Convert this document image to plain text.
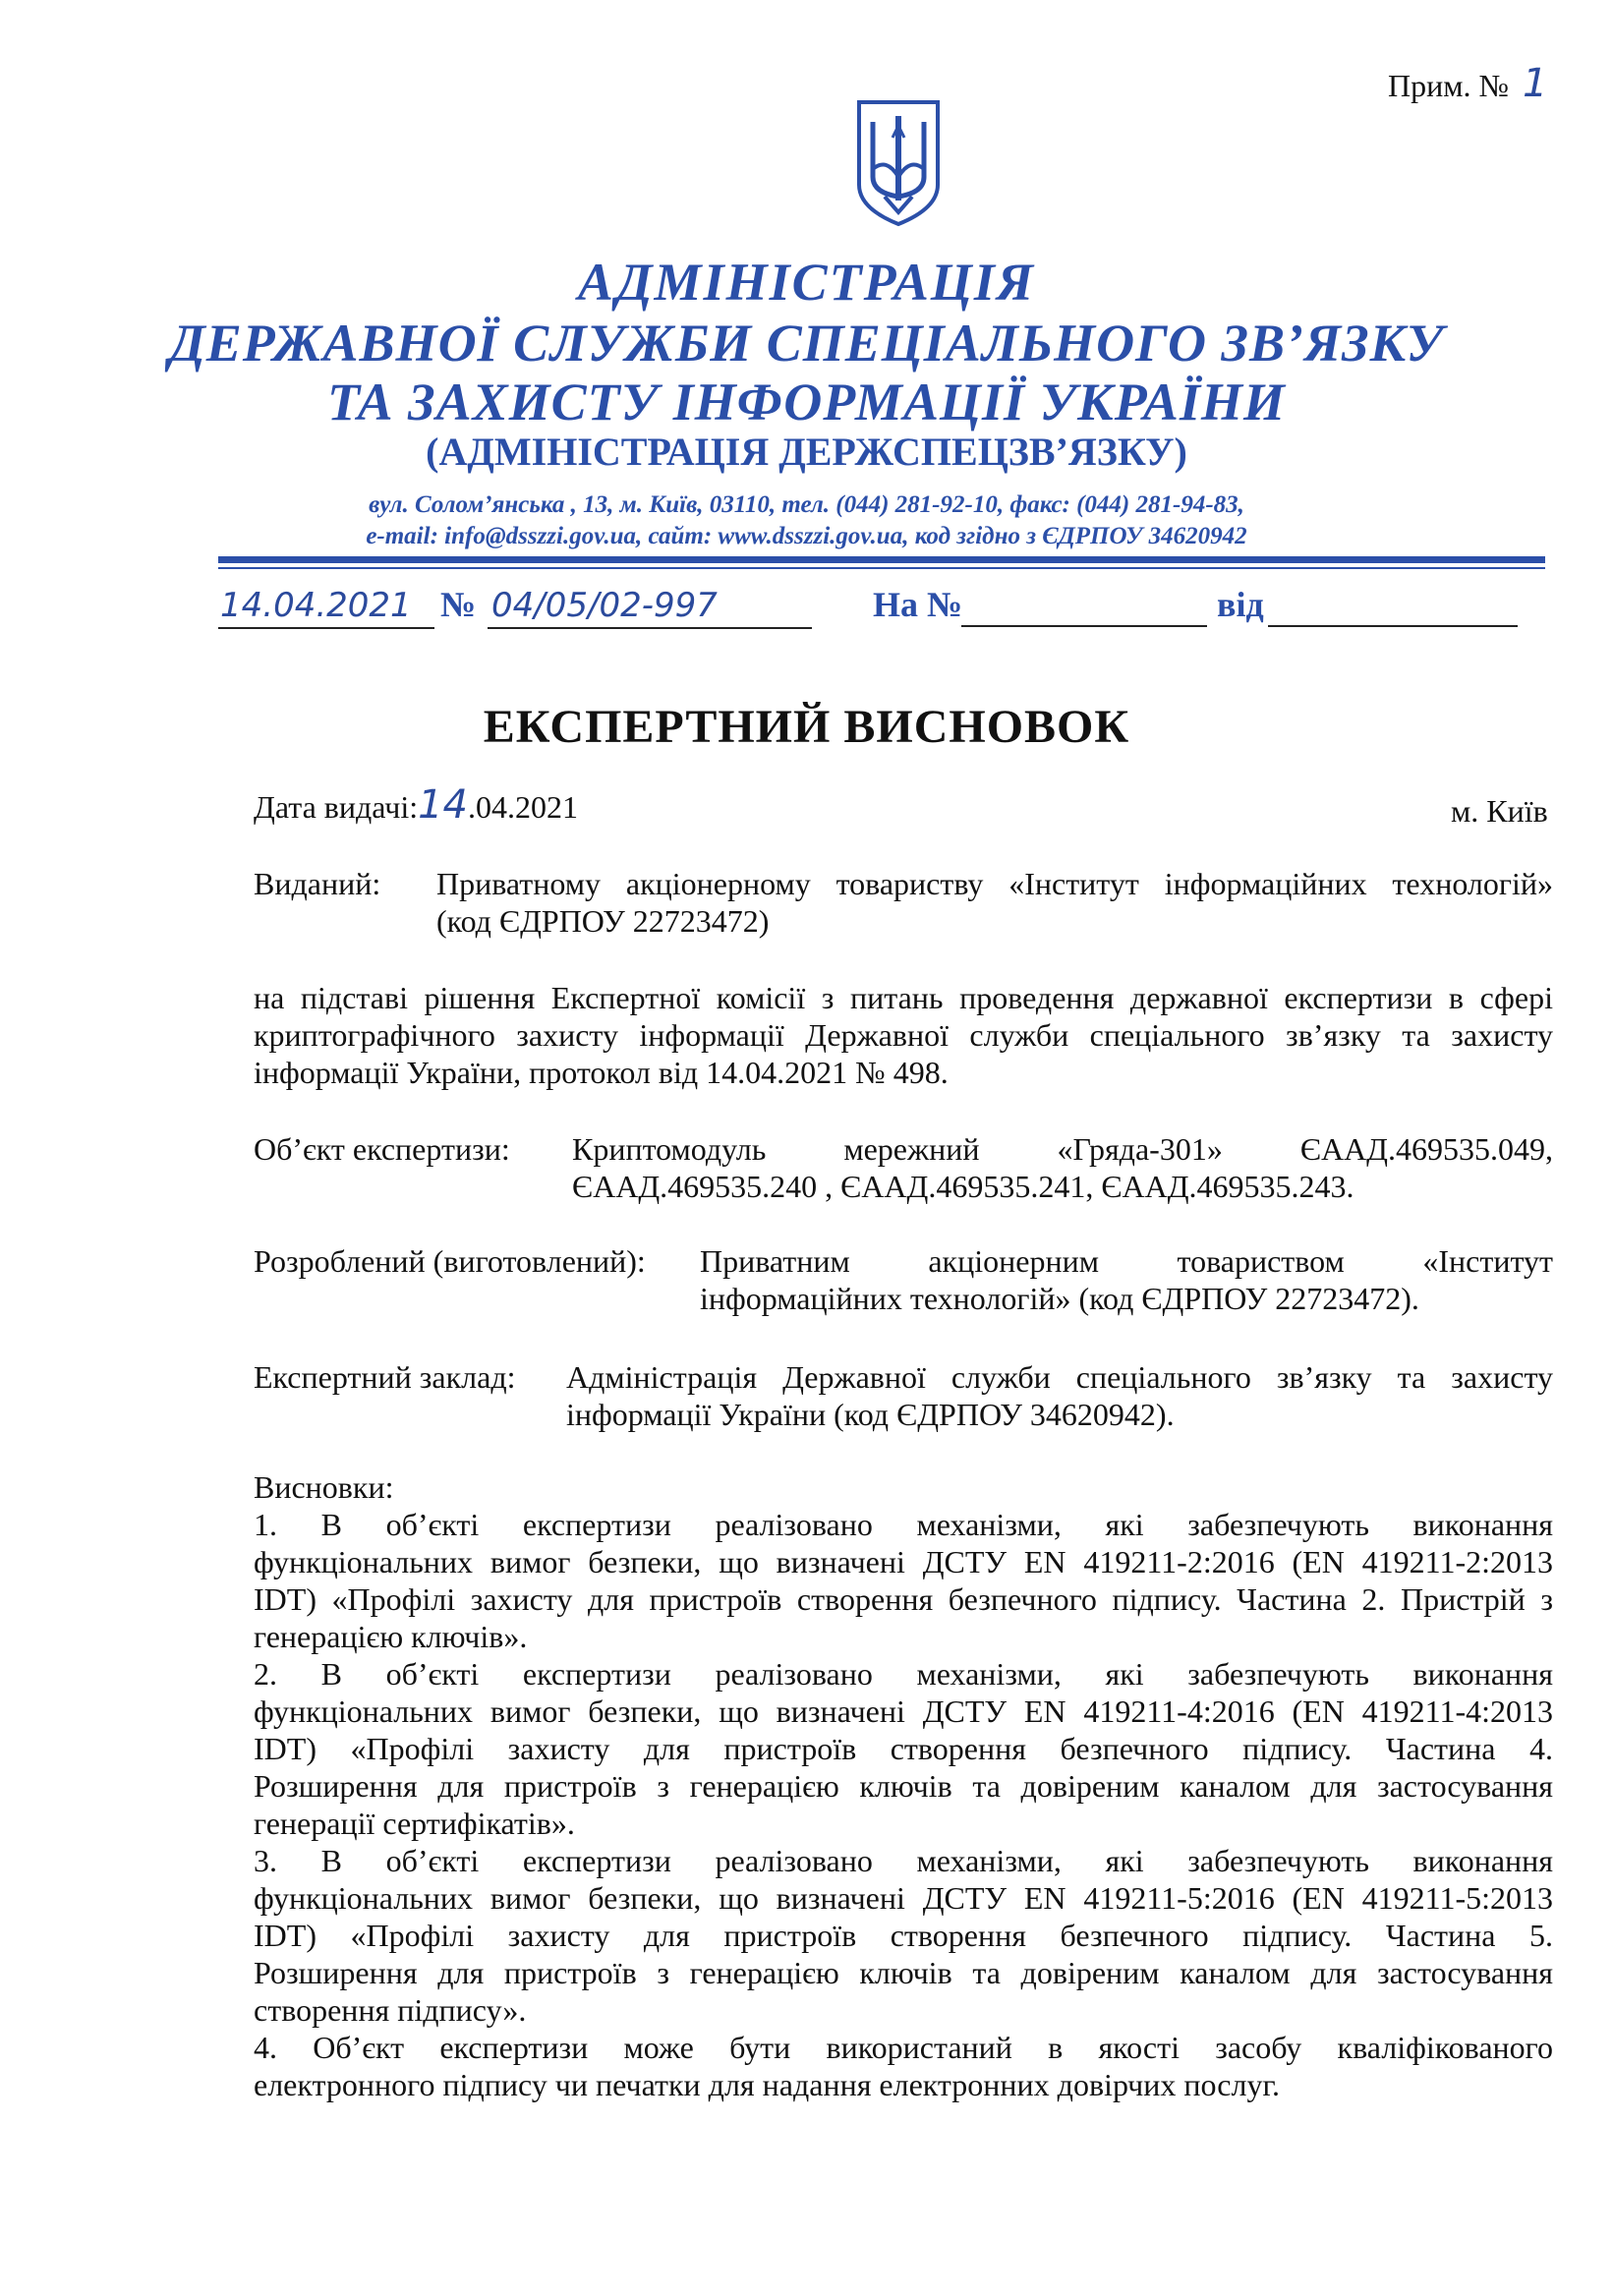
Прим. № 1
АДМІНІСТРАЦІЯ
ДЕРЖАВНОЇ СЛУЖБИ СПЕЦІАЛЬНОГО ЗВ’ЯЗКУ
ТА ЗАХИСТУ ІНФОРМАЦІЇ УКРАЇНИ
(АДМІНІСТРАЦІЯ ДЕРЖСПЕЦЗВ’ЯЗКУ)
вул. Солом’янська , 13, м. Київ, 03110, тел. (044) 281-92-10, факс: (044) 281-94-83,
e-mail: info@dsszzi.gov.ua, сайт: www.dsszzi.gov.ua, код згідно з ЄДРПОУ 34620942
14.04.2021 № 04/05/02-997	На №	від
ЕКСПЕРТНИЙ ВИСНОВОК
Дата видачі:14.04.2021	м. Київ
Виданий: Приватному акціонерному товариству «Інститут інформаційних технологій»
(код ЄДРПОУ 22723472)
на підставі рішення Експертної комісії з питань проведення державної експертизи в сфері
криптографічного захисту інформації Державної служби спеціального зв’язку та захисту
інформації України, протокол від 14.04.2021 № 498.
Об’єкт експертизи: Криптомодуль мережний «Гряда-301» ЄААД.469535.049,
ЄААД.469535.240 , ЄААД.469535.241, ЄААД.469535.243.
Розроблений (виготовлений): Приватним акціонерним товариством «Інститут
інформаційних технологій» (код ЄДРПОУ 22723472).
Експертний заклад: Адміністрація Державної служби спеціального зв’язку та захисту
інформації України (код ЄДРПОУ 34620942).
Висновки:
1. В об’єкті експертизи реалізовано механізми, які забезпечують виконання
функціональних вимог безпеки, що визначені ДСТУ EN 419211-2:2016 (EN 419211-2:2013
IDT) «Профілі захисту для пристроїв створення безпечного підпису. Частина 2. Пристрій з
генерацією ключів».
2. В об’єкті експертизи реалізовано механізми, які забезпечують виконання
функціональних вимог безпеки, що визначені ДСТУ EN 419211-4:2016 (EN 419211-4:2013
IDT) «Профілі захисту для пристроїв створення безпечного підпису. Частина 4.
Розширення для пристроїв з генерацією ключів та довіреним каналом для застосування
генерації сертифікатів».
3. В об’єкті експертизи реалізовано механізми, які забезпечують виконання
функціональних вимог безпеки, що визначені ДСТУ EN 419211-5:2016 (EN 419211-5:2013
IDT) «Профілі захисту для пристроїв створення безпечного підпису. Частина 5.
Розширення для пристроїв з генерацією ключів та довіреним каналом для застосування
створення підпису».
4. Об’єкт експертизи може бути використаний в якості засобу кваліфікованого
електронного підпису чи печатки для надання електронних довірчих послуг.
